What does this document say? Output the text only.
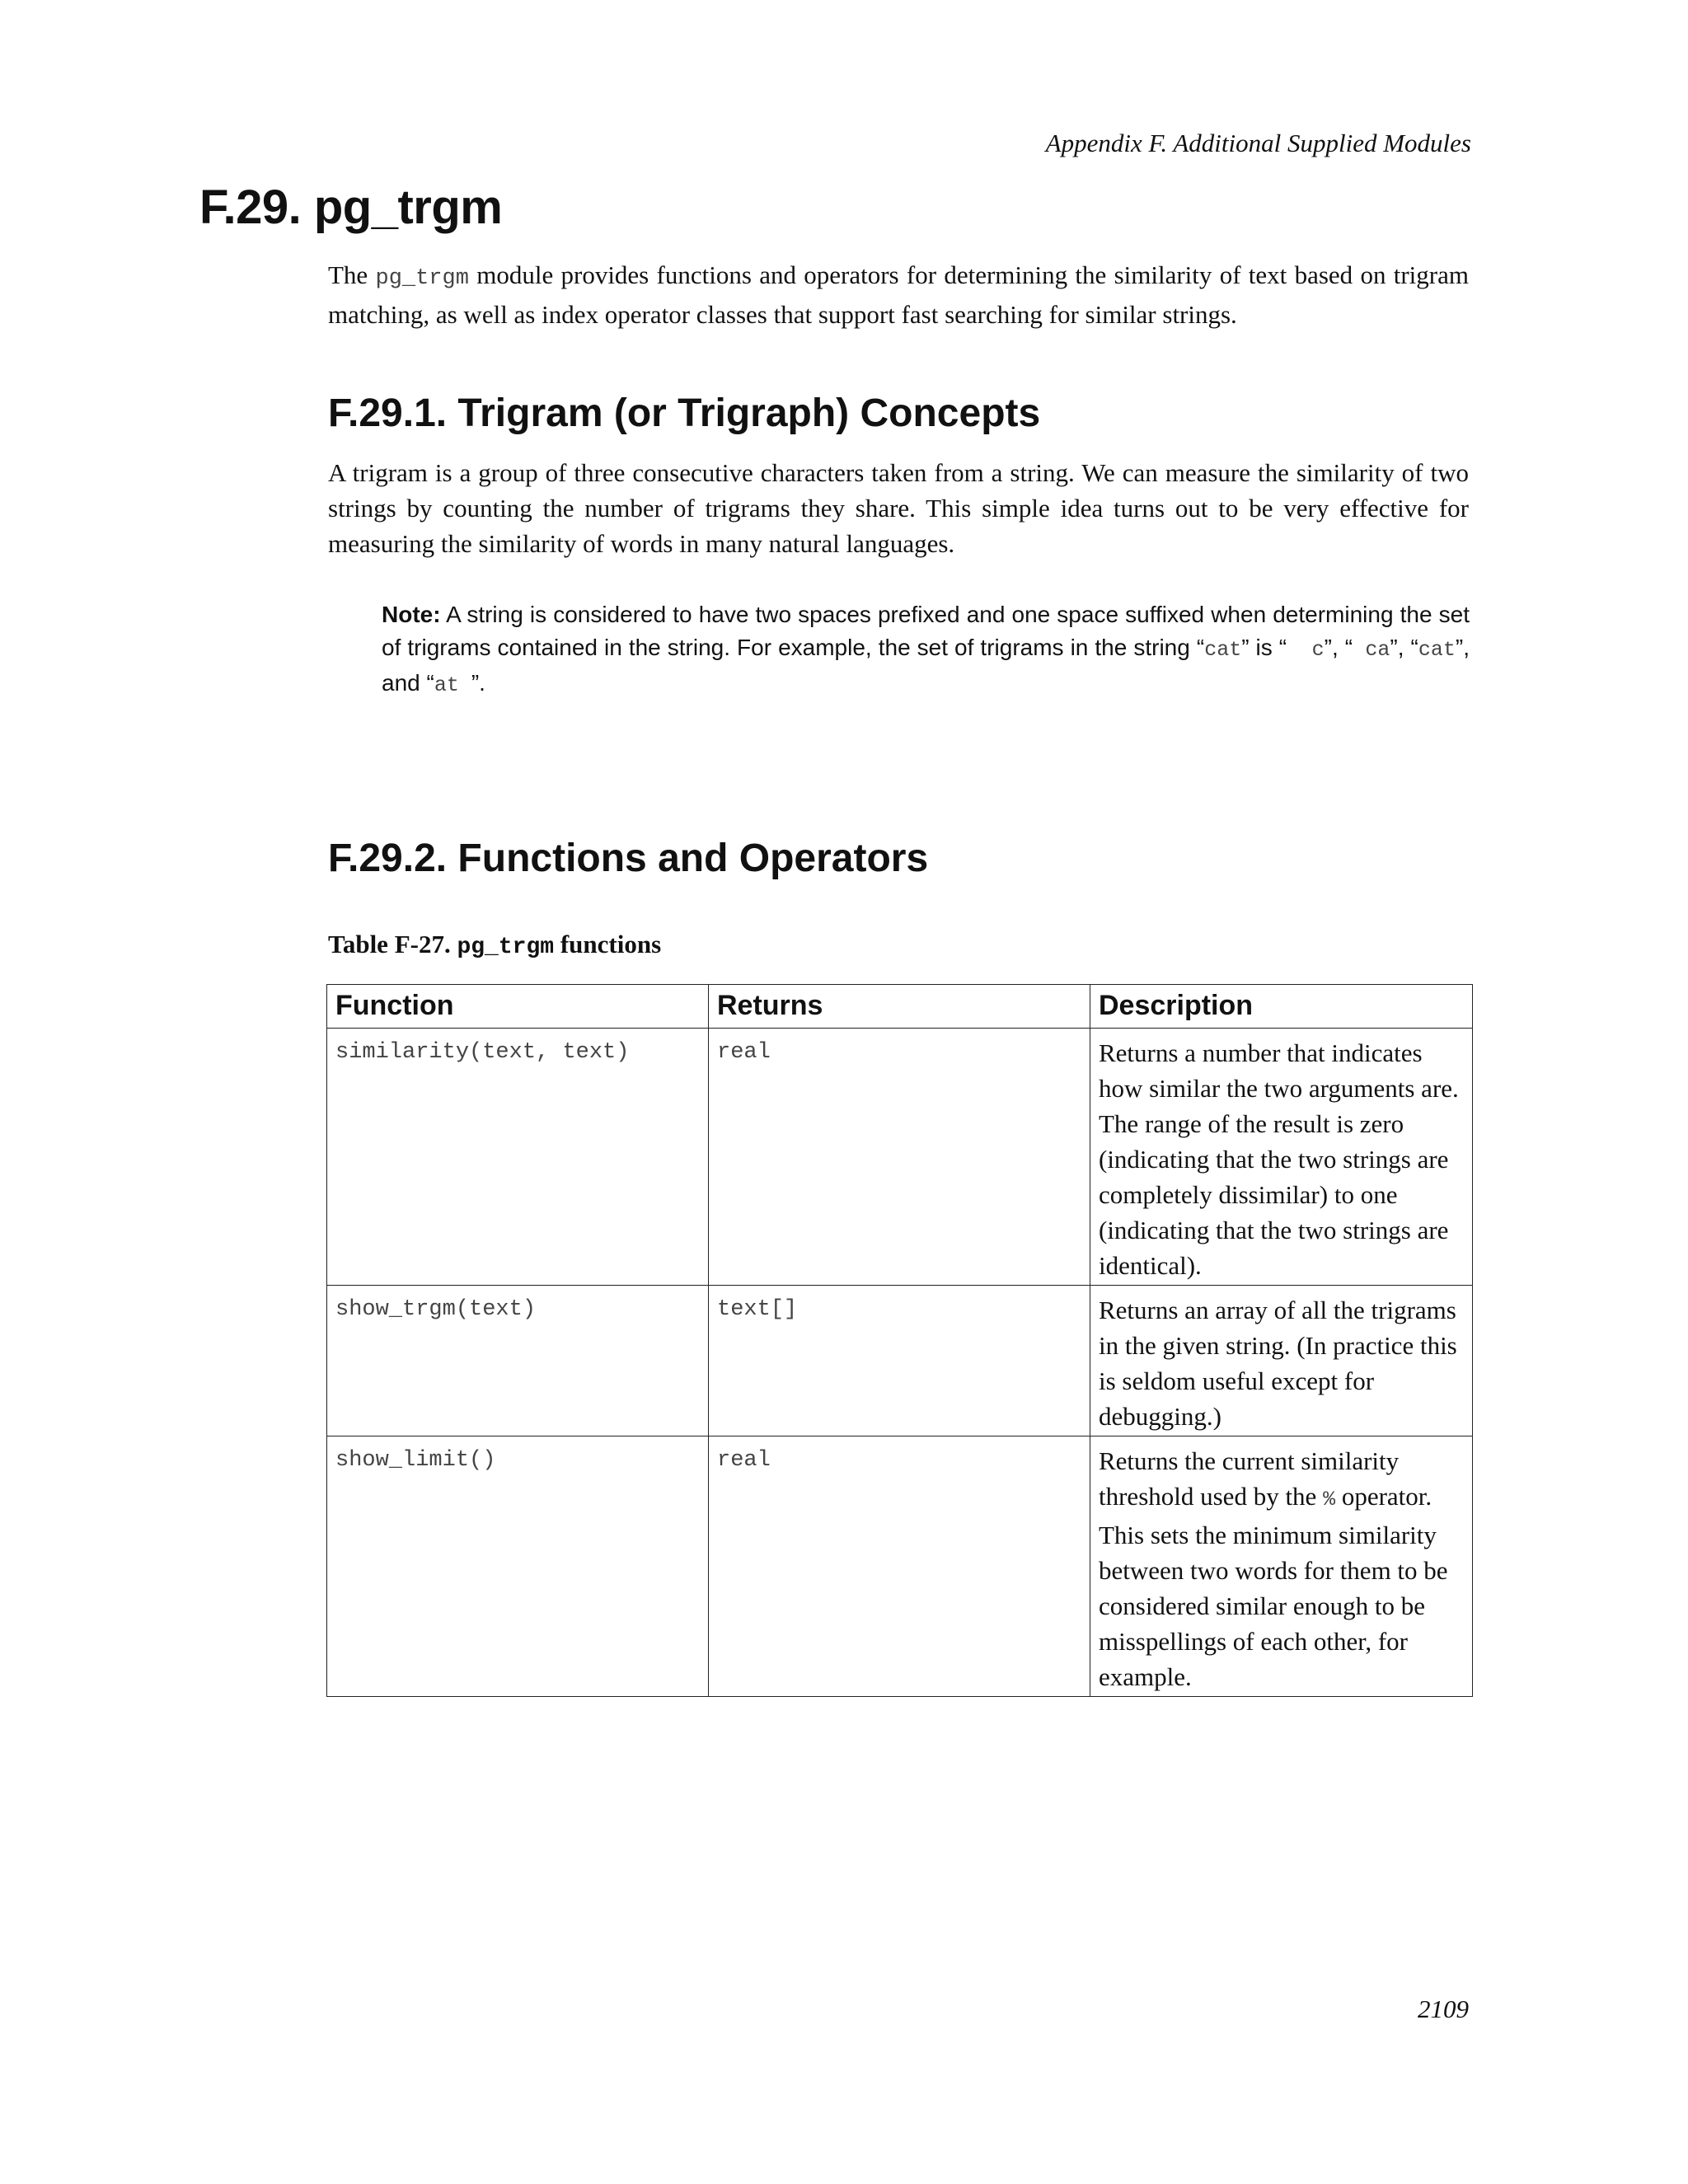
Appendix F. Additional Supplied Modules
F.29. pg_trgm

The pg_trgm module provides functions and operators for determining the similarity of text based on trigram matching, as well as index operator classes that support fast searching for similar strings.

F.29.1. Trigram (or Trigraph) Concepts

A trigram is a group of three consecutive characters taken from a string. We can measure the similarity of two strings by counting the number of trigrams they share. This simple idea turns out to be very effective for measuring the similarity of words in many natural languages.

Note: A string is considered to have two spaces prefixed and one space suffixed when determining the set of trigrams contained in the string. For example, the set of trigrams in the string “cat” is “  c”, “ ca”, “cat”, and “at ”.

F.29.2. Functions and Operators

Table F-27. pg_trgm functions

Function	Returns	Description
similarity(text, text)	real	Returns a number that indicates how similar the two arguments are. The range of the result is zero (indicating that the two strings are completely dissimilar) to one (indicating that the two strings are identical).
show_trgm(text)	text[]	Returns an array of all the trigrams in the given string. (In practice this is seldom useful except for debugging.)
show_limit()	real	Returns the current similarity threshold used by the % operator. This sets the minimum similarity between two words for them to be considered similar enough to be misspellings of each other, for example.
2109
